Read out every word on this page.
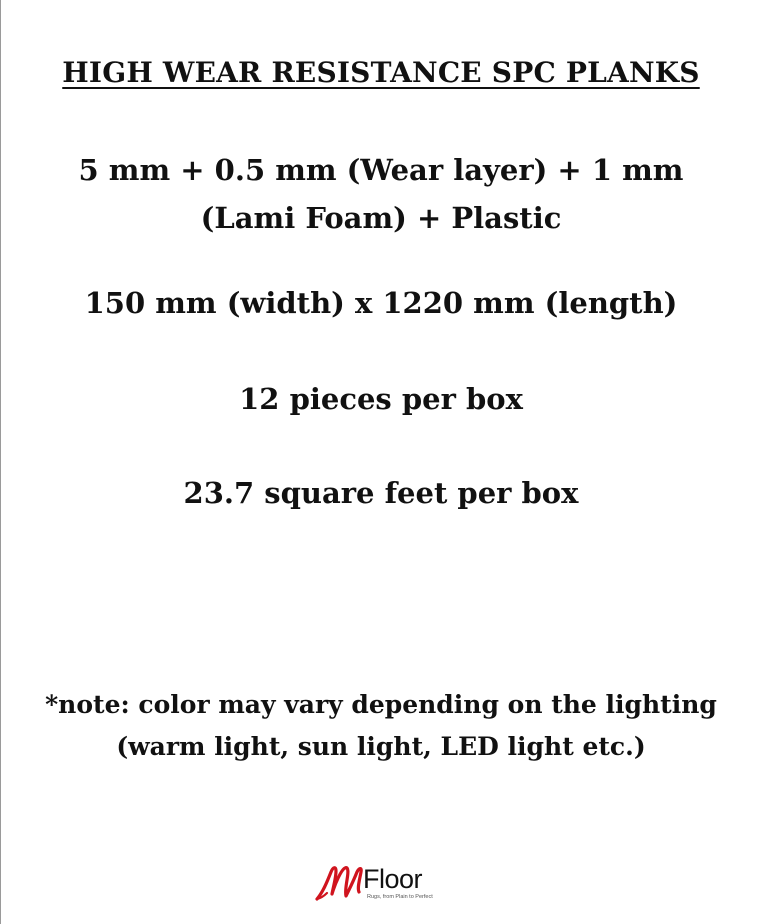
HIGH WEAR RESISTANCE SPC PLANKS
5 mm + 0.5 mm (Wear layer) + 1 mm (Lami Foam) + Plastic
150 mm (width) x 1220 mm (length)
12 pieces per box
23.7 square feet per box
*note: color may vary depending on the lighting (warm light, sun light, LED light etc.)
Floor
Rugs, from Plain to Perfect
